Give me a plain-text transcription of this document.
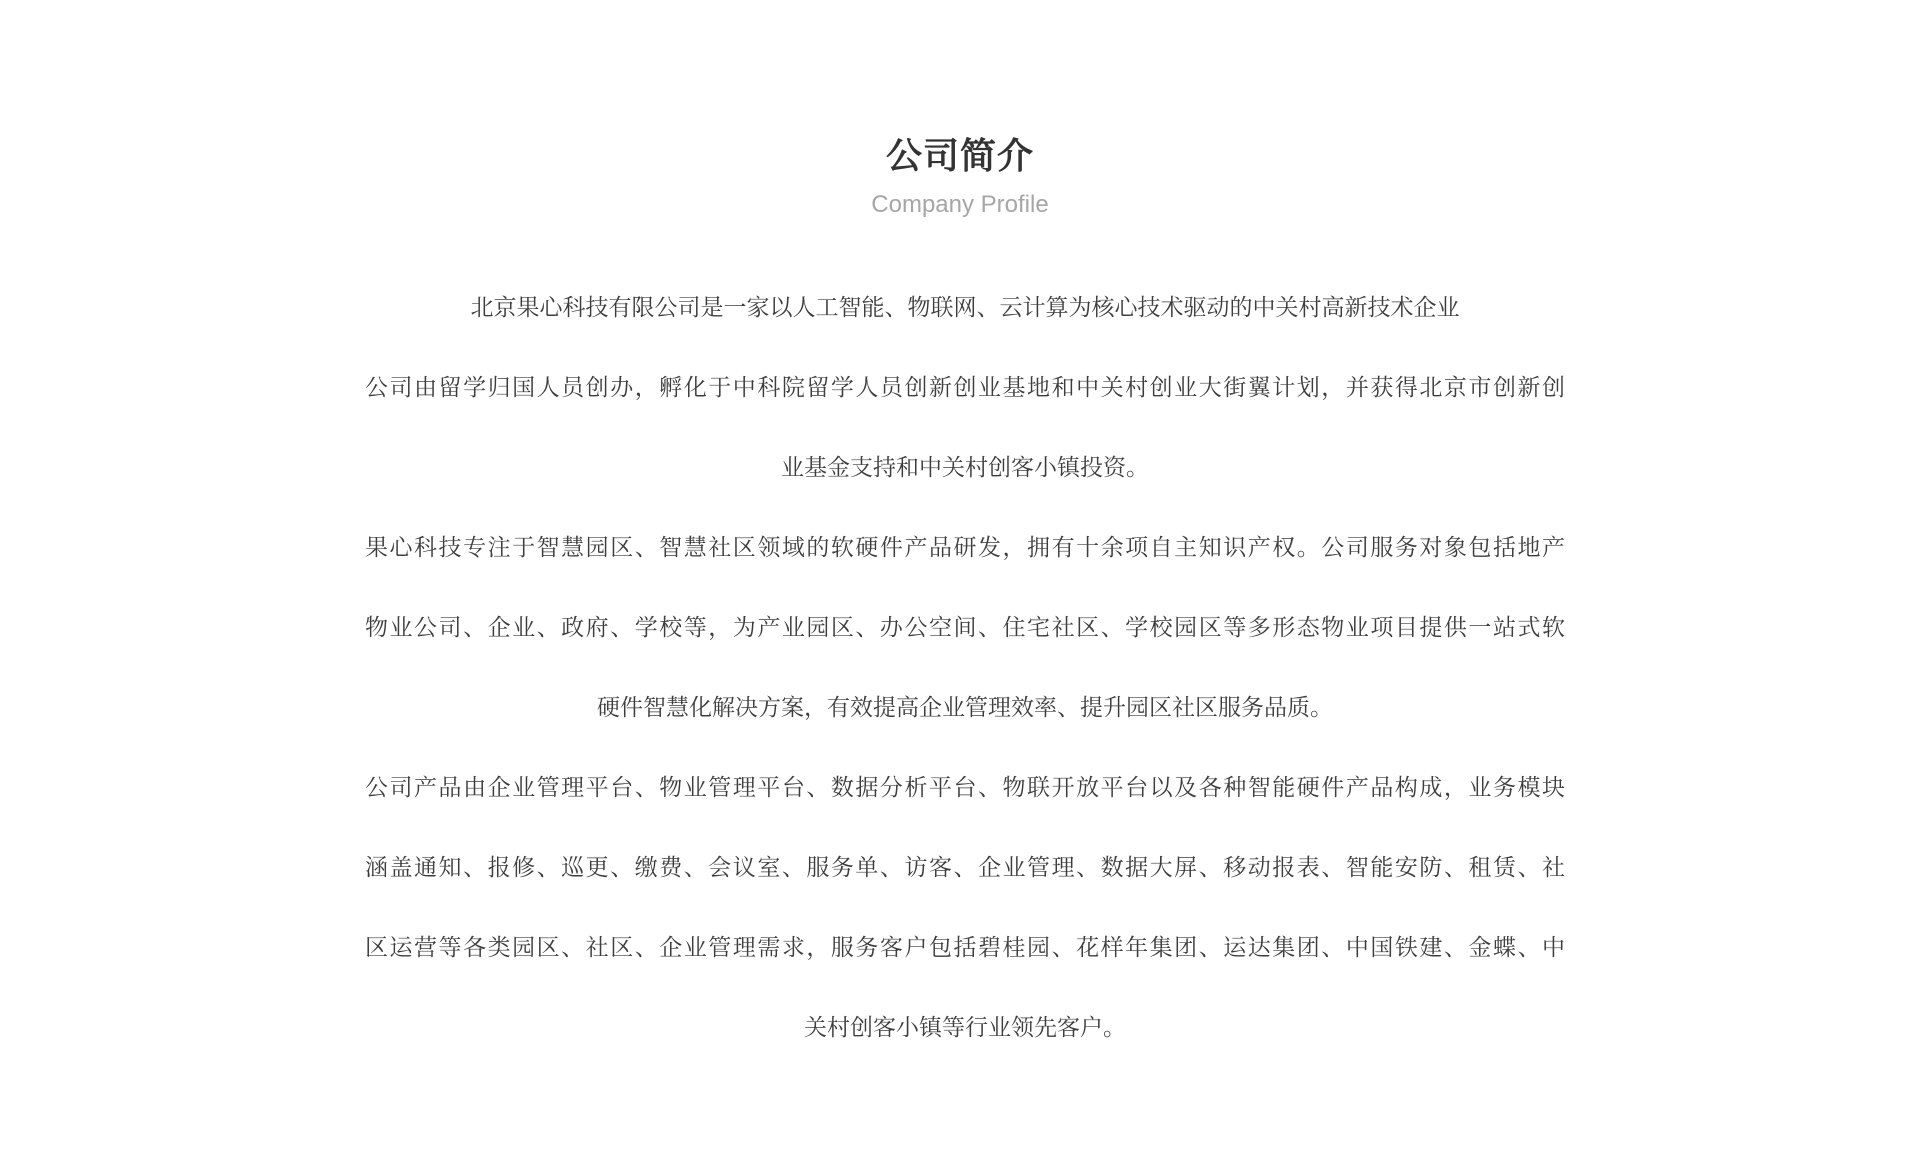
公司简介
Company Profile
北京果心科技有限公司是一家以人工智能、物联网、云计算为核心技术驱动的中关村高新技术企业
公司由留学归国人员创办，孵化于中科院留学人员创新创业基地和中关村创业大街翼计划，并获得北京市创新创
业基金支持和中关村创客小镇投资。
果心科技专注于智慧园区、智慧社区领域的软硬件产品研发，拥有十余项自主知识产权。公司服务对象包括地产
物业公司、企业、政府、学校等，为产业园区、办公空间、住宅社区、学校园区等多形态物业项目提供一站式软
硬件智慧化解决方案，有效提高企业管理效率、提升园区社区服务品质。
公司产品由企业管理平台、物业管理平台、数据分析平台、物联开放平台以及各种智能硬件产品构成，业务模块
涵盖通知、报修、巡更、缴费、会议室、服务单、访客、企业管理、数据大屏、移动报表、智能安防、租赁、社
区运营等各类园区、社区、企业管理需求，服务客户包括碧桂园、花样年集团、运达集团、中国铁建、金蝶、中
关村创客小镇等行业领先客户。
